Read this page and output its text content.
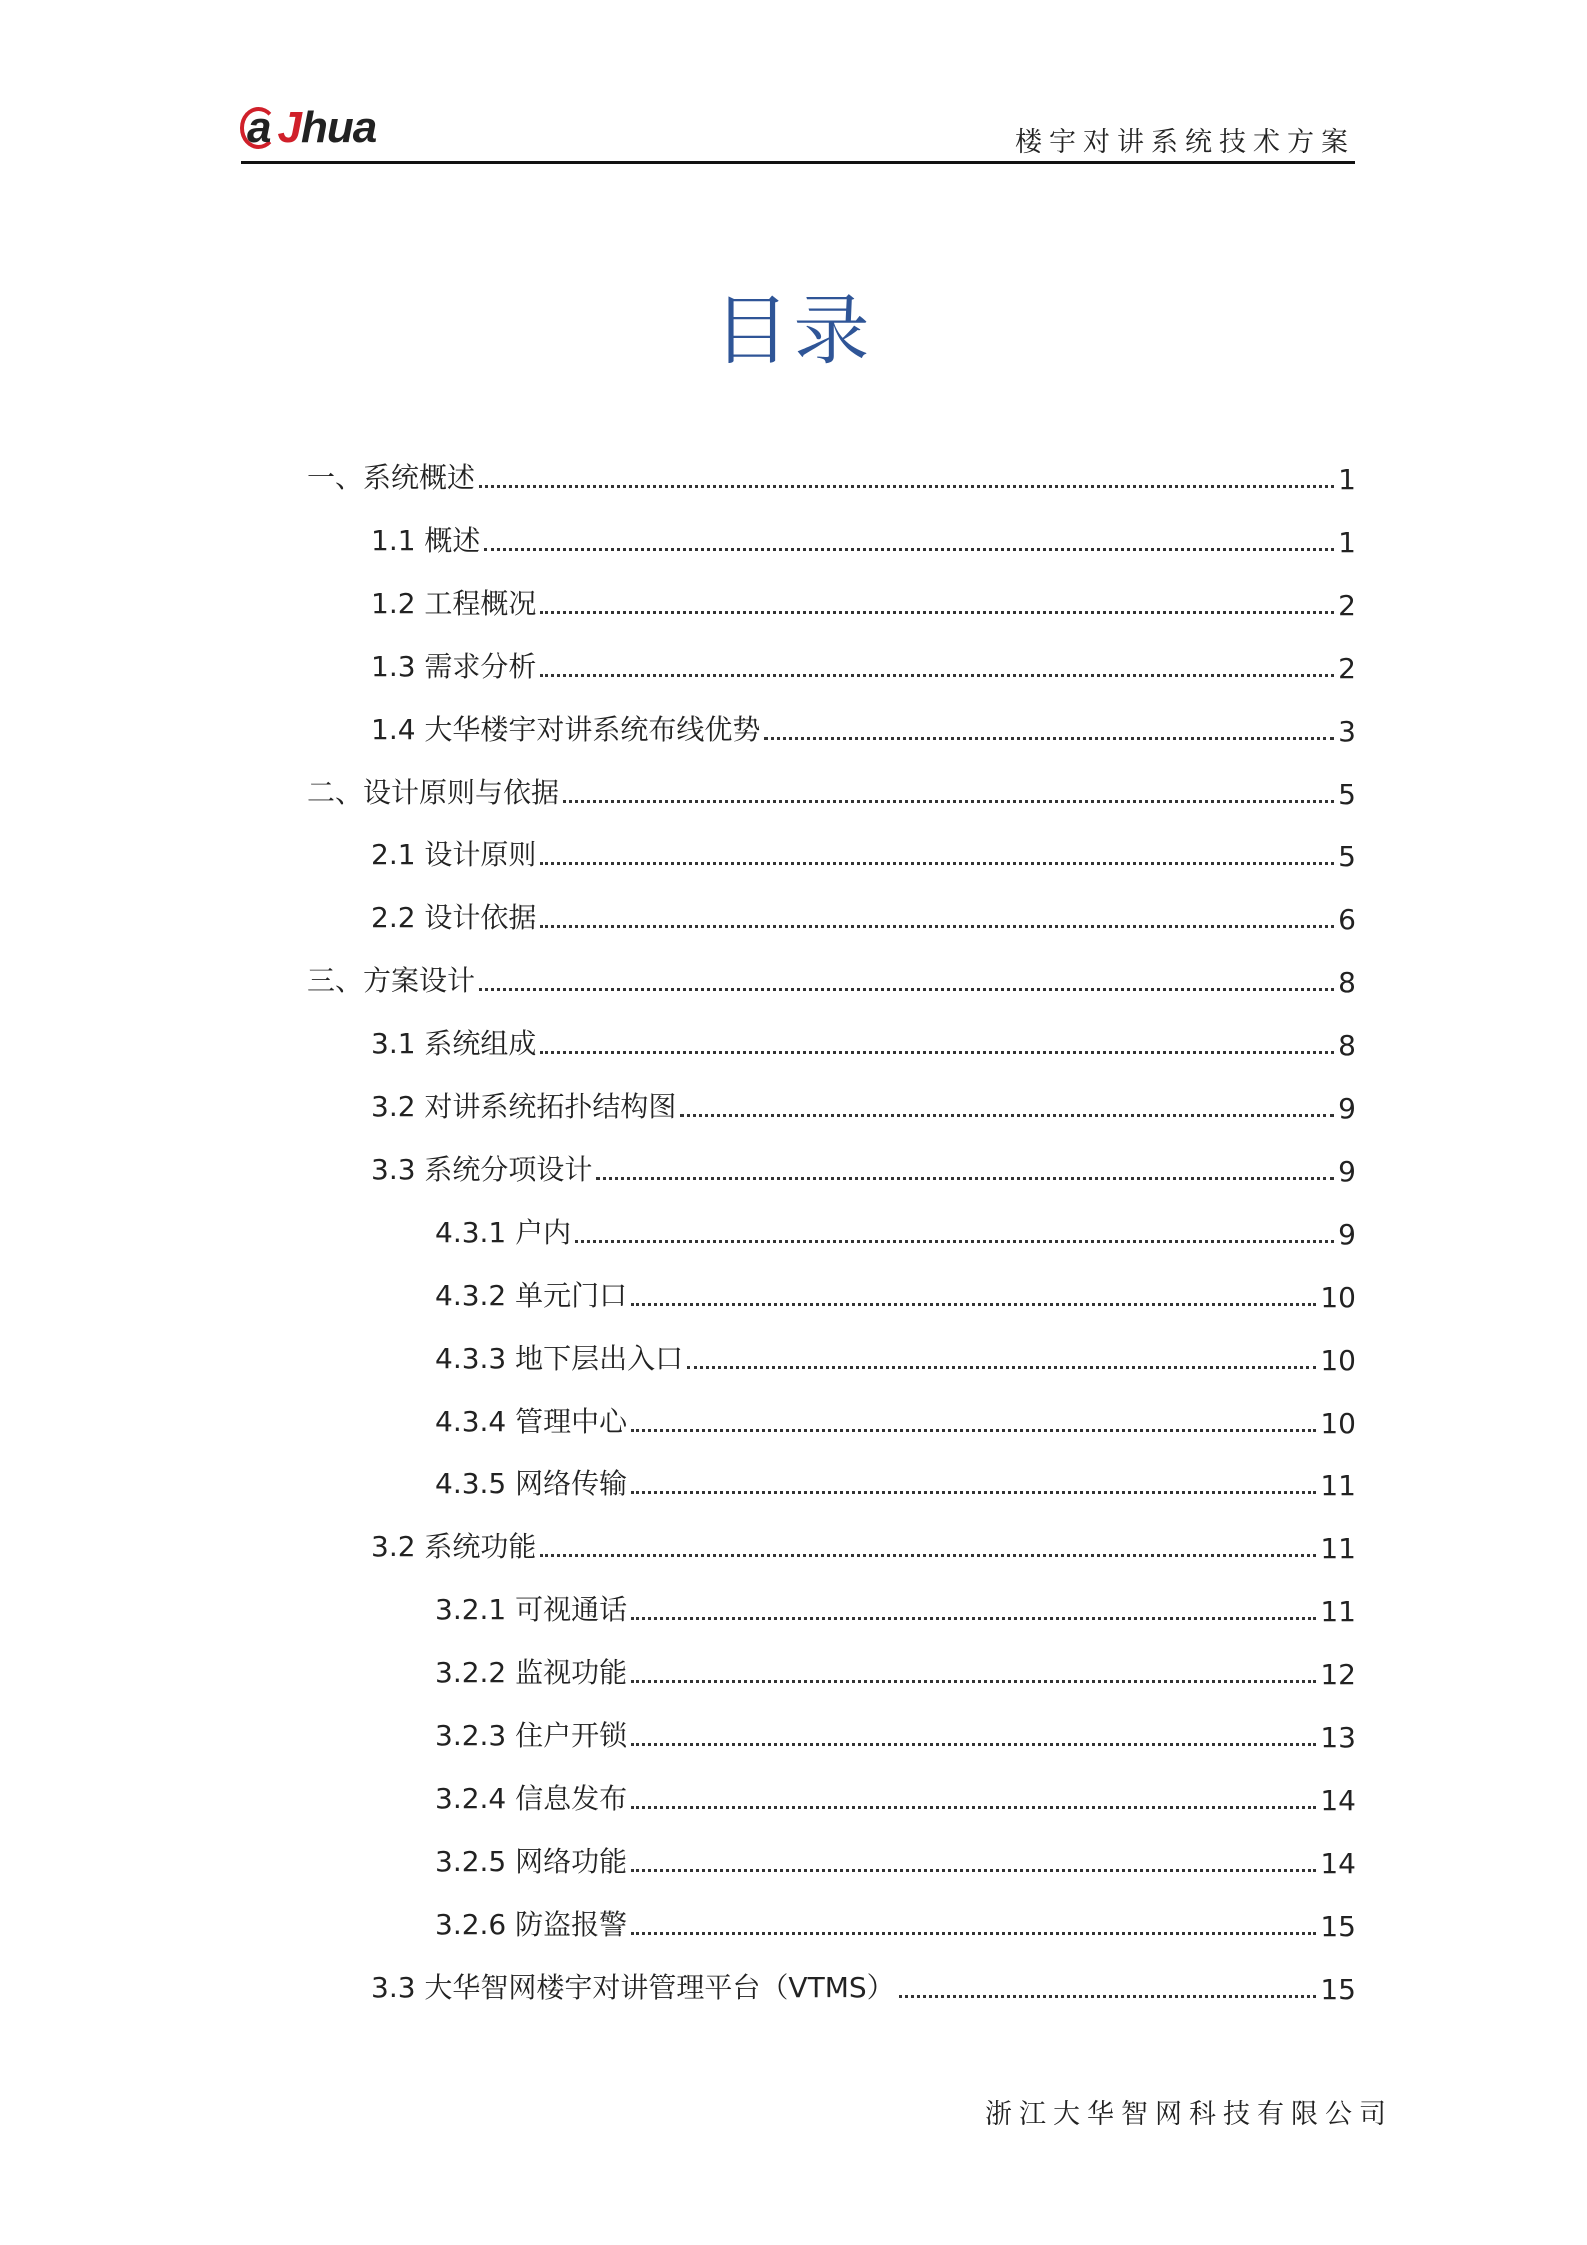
a J hua	楼宇对讲系统技术方案
目录
一、系统概述	1
1.1 概述	1
1.2 工程概况	2
1.3 需求分析	2
1.4 大华楼宇对讲系统布线优势	3
二、设计原则与依据	5
2.1 设计原则	5
2.2 设计依据	6
三、方案设计	8
3.1 系统组成	8
3.2 对讲系统拓扑结构图	9
3.3 系统分项设计	9
4.3.1 户内	9
4.3.2 单元门口	10
4.3.3 地下层出入口	10
4.3.4 管理中心	10
4.3.5 网络传输	11
3.2 系统功能	11
3.2.1 可视通话	11
3.2.2 监视功能	12
3.2.3 住户开锁	13
3.2.4 信息发布	14
3.2.5 网络功能	14
3.2.6 防盗报警	15
3.3 大华智网楼宇对讲管理平台（VTMS）	15
浙江大华智网科技有限公司
